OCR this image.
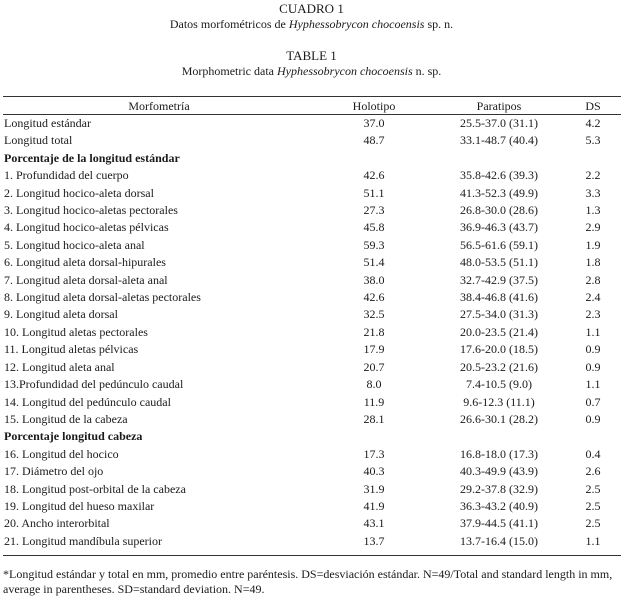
CUADRO 1
Datos morfométricos de Hyphessobrycon chocoensis sp. n.
TABLE 1
Morphometric data Hyphessobrycon chocoensis n. sp.
Morfometría	Holotipo	Paratipos	DS
Longitud estándar	37.0	25.5-37.0 (31.1)	4.2
Longitud total	48.7	33.1-48.7 (40.4)	5.3
Porcentaje de la longitud estándar			
1. Profundidad del cuerpo	42.6	35.8-42.6 (39.3)	2.2
2. Longitud hocico-aleta dorsal	51.1	41.3-52.3 (49.9)	3.3
3. Longitud hocico-aletas pectorales	27.3	26.8-30.0 (28.6)	1.3
4. Longitud hocico-aletas pélvicas	45.8	36.9-46.3 (43.7)	2.9
5. Longitud hocico-aleta anal	59.3	56.5-61.6 (59.1)	1.9
6. Longitud aleta dorsal-hipurales	51.4	48.0-53.5 (51.1)	1.8
7. Longitud aleta dorsal-aleta anal	38.0	32.7-42.9 (37.5)	2.8
8. Longitud aleta dorsal-aletas pectorales	42.6	38.4-46.8 (41.6)	2.4
9. Longitud aleta dorsal	32.5	27.5-34.0 (31.3)	2.3
10. Longitud aletas pectorales	21.8	20.0-23.5 (21.4)	1.1
11. Longitud aletas pélvicas	17.9	17.6-20.0 (18.5)	0.9
12. Longitud aleta anal	20.7	20.5-23.2 (21.6)	0.9
13.Profundidad del pedúnculo caudal	8.0	7.4-10.5 (9.0)	1.1
14. Longitud del pedúnculo caudal	11.9	9.6-12.3 (11.1)	0.7
15. Longitud de la cabeza	28.1	26.6-30.1 (28.2)	0.9
Porcentaje longitud cabeza			
16. Longitud del hocico	17.3	16.8-18.0 (17.3)	0.4
17. Diámetro del ojo	40.3	40.3-49.9 (43.9)	2.6
18. Longitud post-orbital de la cabeza	31.9	29.2-37.8 (32.9)	2.5
19. Longitud del hueso maxilar	41.9	36.3-43.2 (40.9)	2.5
20. Ancho interorbital	43.1	37.9-44.5 (41.1)	2.5
21. Longitud mandíbula superior	13.7	13.7-16.4 (15.0)	1.1
*Longitud estándar y total en mm, promedio entre paréntesis. DS=desviación estándar. N=49/Total and standard length in mm, average in parentheses. SD=standard deviation. N=49.
